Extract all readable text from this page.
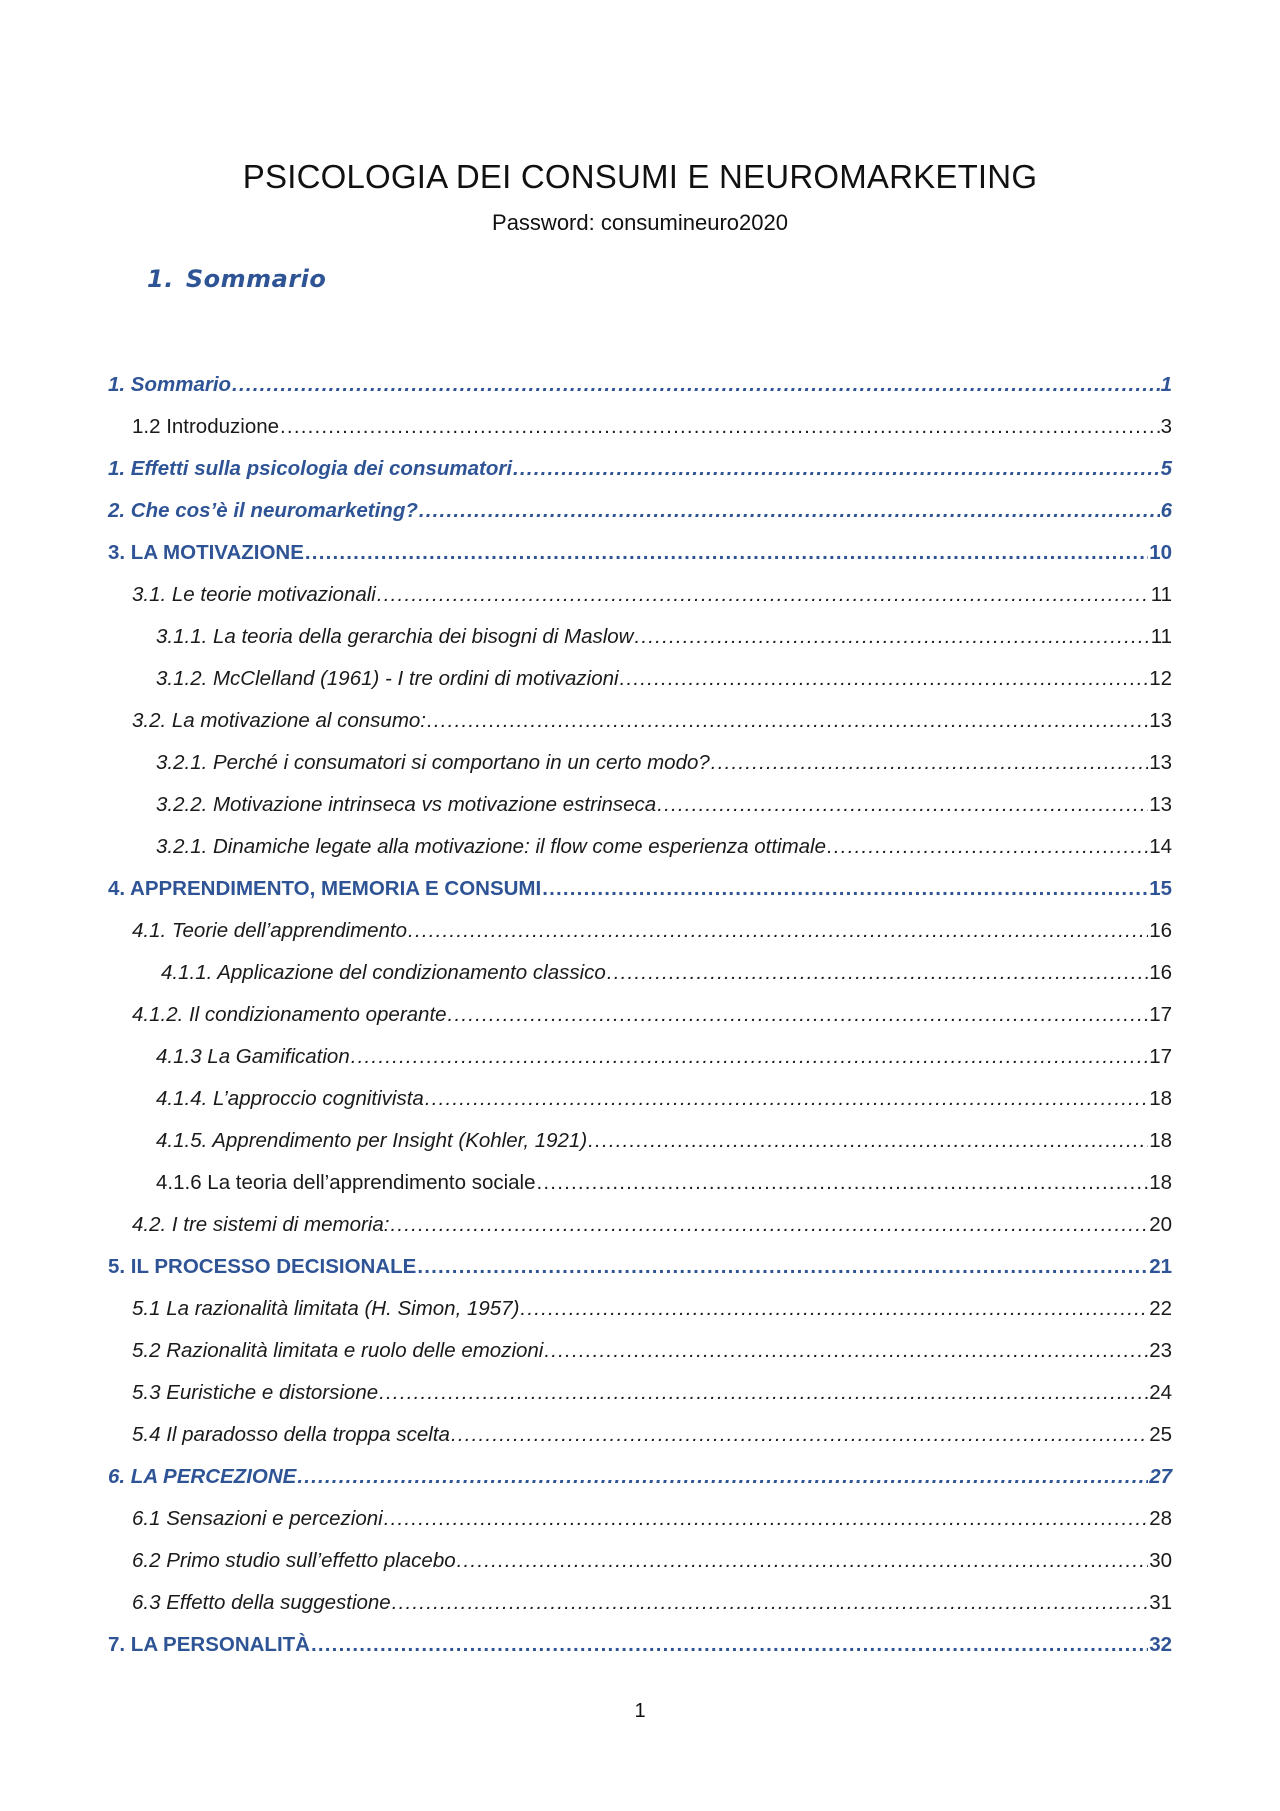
PSICOLOGIA DEI CONSUMI E NEUROMARKETING

Password: consumineuro2020

1. Sommario
1. Sommario .....	1
1.2 Introduzione .....	3
1. Effetti sulla psicologia dei consumatori .....	5
2. Che cos’è il neuromarketing? .....	6
3. LA MOTIVAZIONE .....	10
3.1. Le teorie motivazionali .....	11
3.1.1. La teoria della gerarchia dei bisogni di Maslow .....	11
3.1.2. McClelland (1961) - I tre ordini di motivazioni .....	12
3.2. La motivazione al consumo: .....	13
3.2.1. Perché i consumatori si comportano in un certo modo? .....	13
3.2.2. Motivazione intrinseca vs motivazione estrinseca .....	13
3.2.1. Dinamiche legate alla motivazione: il flow come esperienza ottimale .....	14
4. APPRENDIMENTO, MEMORIA E CONSUMI .....	15
4.1. Teorie dell’apprendimento .....	16
4.1.1. Applicazione del condizionamento classico .....	16
4.1.2. Il condizionamento operante .....	17
4.1.3 La Gamification .....	17
4.1.4. L’approccio cognitivista .....	18
4.1.5. Apprendimento per Insight (Kohler, 1921) .....	18
4.1.6 La teoria dell’apprendimento sociale .....	18
4.2. I tre sistemi di memoria: .....	20
5. IL PROCESSO DECISIONALE .....	21
5.1 La razionalità limitata (H. Simon, 1957) .....	22
5.2 Razionalità limitata e ruolo delle emozioni .....	23
5.3 Euristiche e distorsione .....	24
5.4 Il paradosso della troppa scelta .....	25
6. LA PERCEZIONE .....	27
6.1 Sensazioni e percezioni .....	28
6.2 Primo studio sull’effetto placebo .....	30
6.3 Effetto della suggestione .....	31
7. LA PERSONALITÀ .....	32
1
